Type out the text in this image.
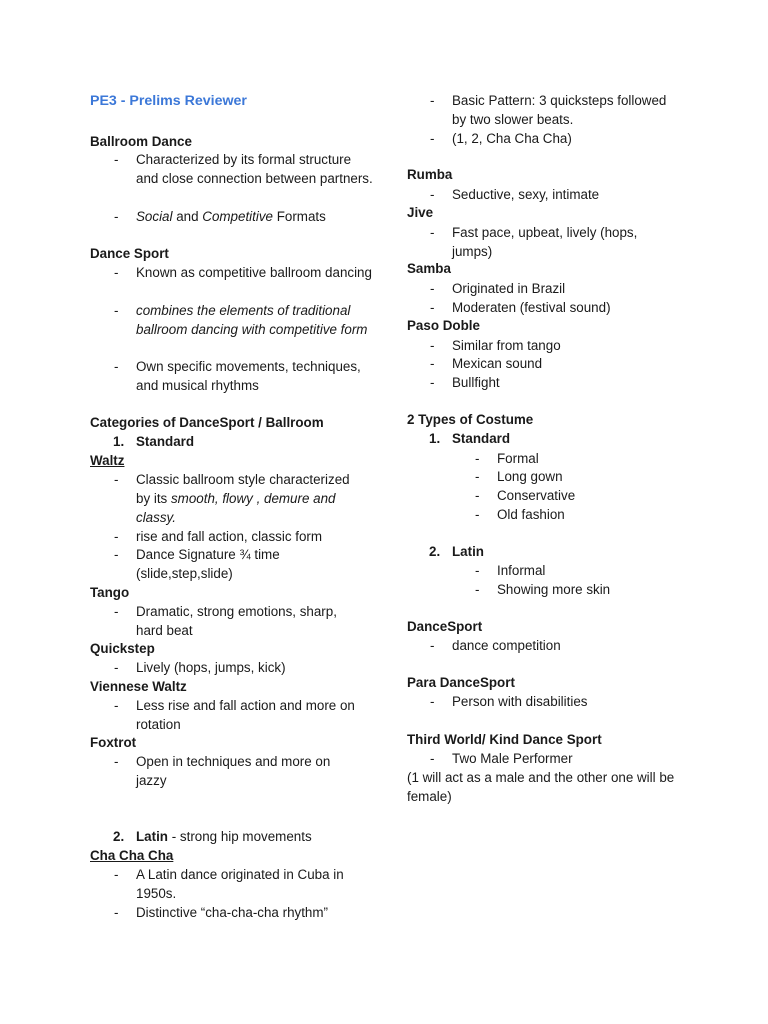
PE3 - Prelims Reviewer
Ballroom Dance
- Characterized by its formal structure and close connection between partners.
- Social and Competitive Formats
Dance Sport
- Known as competitive ballroom dancing
- combines the elements of traditional ballroom dancing with competitive form
- Own specific movements, techniques, and musical rhythms
Categories of DanceSport / Ballroom
1. Standard
Waltz
- Classic ballroom style characterized by its smooth, flowy , demure and classy.
- rise and fall action, classic form
- Dance Signature ¾ time (slide,step,slide)
Tango
- Dramatic, strong emotions, sharp, hard beat
Quickstep
- Lively (hops, jumps, kick)
Viennese Waltz
- Less rise and fall action and more on rotation
Foxtrot
- Open in techniques and more on jazzy
2. Latin - strong hip movements
Cha Cha Cha
- A Latin dance originated in Cuba in 1950s.
- Distinctive “cha-cha-cha rhythm”
- Basic Pattern: 3 quicksteps followed by two slower beats.
- (1, 2, Cha Cha Cha)
Rumba
- Seductive, sexy, intimate
Jive
- Fast pace, upbeat, lively (hops, jumps)
Samba
- Originated in Brazil
- Moderaten (festival sound)
Paso Doble
- Similar from tango
- Mexican sound
- Bullfight
2 Types of Costume
1. Standard
- Formal
- Long gown
- Conservative
- Old fashion
2. Latin
- Informal
- Showing more skin
DanceSport
- dance competition
Para DanceSport
- Person with disabilities
Third World/ Kind Dance Sport
- Two Male Performer
(1 will act as a male and the other one will be female)
